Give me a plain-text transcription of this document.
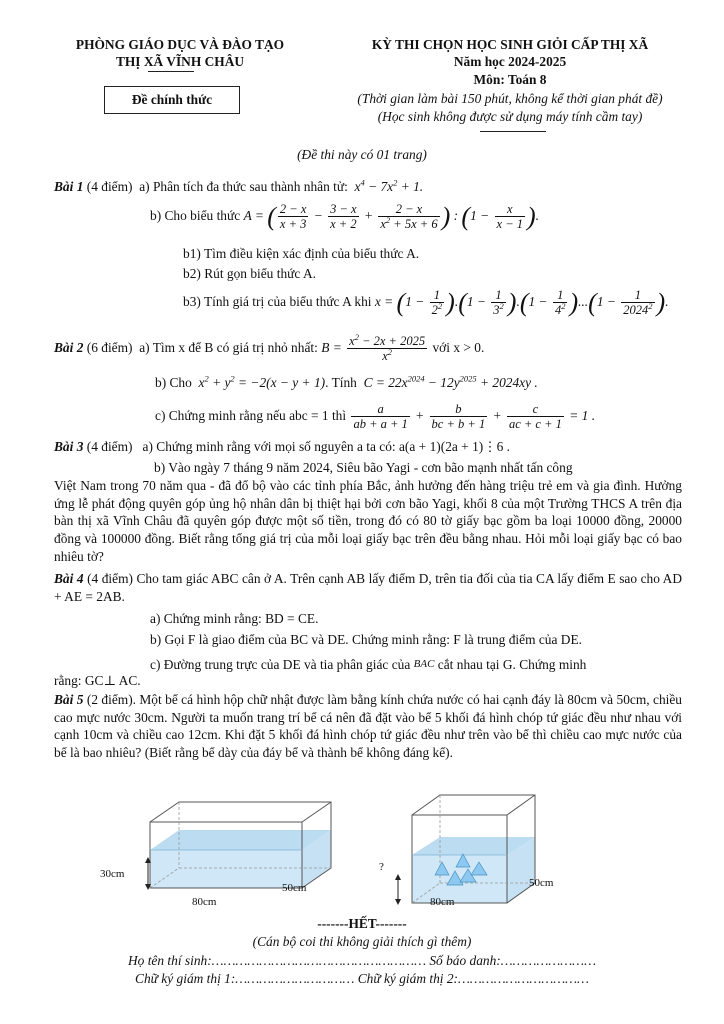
PHÒNG GIÁO DỤC VÀ ĐÀO TẠO
THỊ XÃ VĨNH CHÂU
Đề chính thức
KỲ THI CHỌN HỌC SINH GIỎI CẤP THỊ XÃ
Năm học 2024-2025
Môn: Toán 8
(Thời gian làm bài 150 phút, không kể thời gian phát đề)
(Học sinh không được sử dụng máy tính cầm tay)
(Đề thi này có 01 trang)
Bài 1 (4 điểm) a) Phân tích đa thức sau thành nhân tử:  $x^4 - 7x^2 + 1$.
b) Cho biểu thức A = ( $\frac{2 - x}{x + 3} - \frac{3 - x}{x + 2} + \frac{2 - x}{x^2 + 5x + 6}$ ) : ($1 - \frac{x}{x - 1}$ ).
b1) Tìm điều kiện xác định của biểu thức A.
b2) Rút gọn biểu thức A.
b3) Tính giá trị của biểu thức A khi $x = (1 - \frac{1}{2^2} ).(1 - \frac{1}{3^2} ).(1 - \frac{1}{4^2} )...(1 - \frac{1}{2024^2}$ ).
Bài 2 (6 điểm) a) Tìm x để B có giá trị nhỏ nhất: $B = \frac{x^2 - 2x + 2025}{x^2}$ với x > 0.
b) Cho  $x^2 + y^2 = -2(x - y + 1)$. Tính  $C = 22x^{2024} - 12y^{2025} + 2024xy$ .
c) Chứng minh rằng nếu abc = 1 thì $\frac{a}{ab + a + 1} + \frac{b}{bc + b + 1} + \frac{c}{ac + c + 1} = 1$ .
Bài 3 (4 điểm) a) Chứng minh rằng với mọi số nguyên a ta có: a(a + 1)(2a + 1)⋮6 .
b) Vào ngày 7 tháng 9 năm 2024, Siêu bão Yagi - cơn bão mạnh nhất tấn công
Việt Nam trong 70 năm qua - đã đổ bộ vào các tỉnh phía Bắc, ảnh hưởng đến hàng triệu trẻ em và gia đình. Hưởng ứng lễ phát động quyên góp ủng hộ nhân dân bị thiệt hại bởi cơn bão Yagi, khối 8 của một Trường THCS A trên địa bàn thị xã Vĩnh Châu đã quyên góp được một số tiền, trong đó có 80 tờ giấy bạc gồm ba loại 10000 đồng, 20000 đồng và 100000 đồng. Biết rằng tổng giá trị của mỗi loại giấy bạc trên đều bằng nhau. Hỏi mỗi loại giấy bạc có bao nhiêu tờ?
Bài 4 (4 điểm) Cho tam giác ABC cân ở A. Trên cạnh AB lấy điểm D, trên tia đối của tia CA lấy điểm E sao cho AD + AE = 2AB.
a) Chứng minh rằng: BD = CE.
b) Gọi F là giao điểm của BC và DE. Chứng minh rằng: F là trung điểm của DE.
c) Đường trung trực của DE và tia phân giác của BAC cắt nhau tại G. Chứng minh
rằng: GC⊥ AC.
Bài 5 (2 điểm). Một bể cá hình hộp chữ nhật được làm bằng kính chứa nước có hai cạnh đáy là 80cm và 50cm, chiều cao mực nước 30cm. Người ta muốn trang trí bể cá nên đã đặt vào bể 5 khối đá hình chóp tứ giác đều như nhau với cạnh 10cm và chiều cao 12cm. Khi đặt 5 khối đá hình chóp tứ giác đều như trên vào bể thì chiều cao mực nước của bể là bao nhiêu? (Biết rằng bể dày của đáy bể và thành bể không đáng kể).
30cm
50cm
80cm
?
50cm
80cm
-------HẾT-------
(Cán bộ coi thi không giải thích gì thêm)
Họ tên thí sinh:……………………………………………… Số báo danh:……………………
Chữ ký giám thị 1:………………………… Chữ ký giám thị 2:……………………………
